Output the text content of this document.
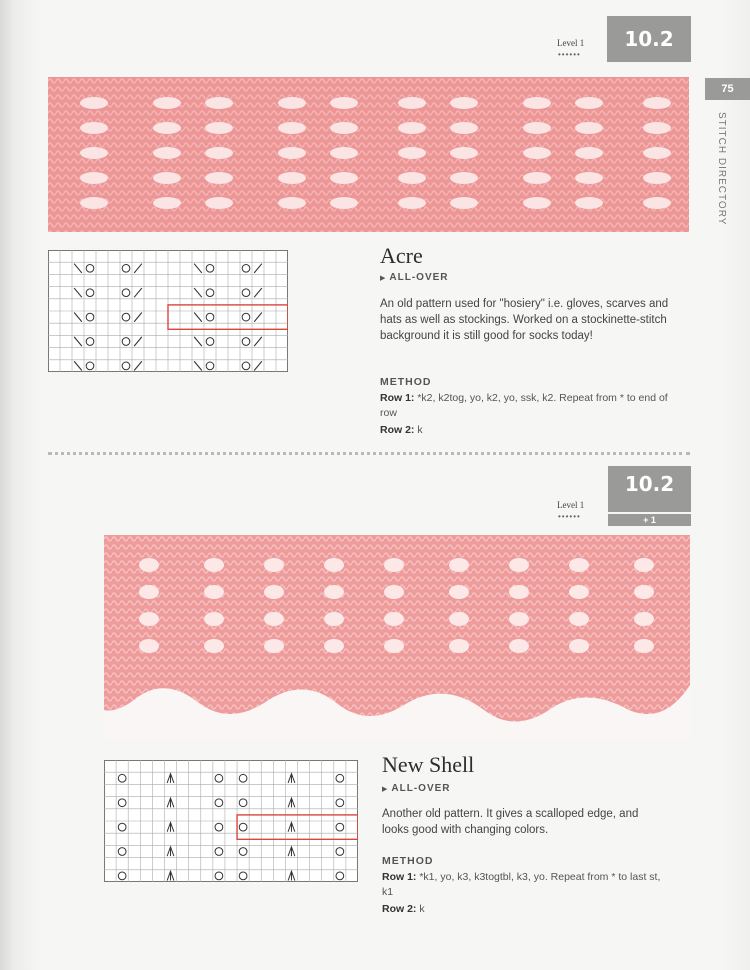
Level 1
••••••
10.2
75
STITCH DIRECTORY
Acre
▶ ALL-OVER
An old pattern used for "hosiery" i.e. gloves, scarves and hats as well as stockings. Worked on a stockinette-stitch background it is still good for socks today!
METHOD
Row 1: *k2, k2tog, yo, k2, yo, ssk, k2. Repeat from * to end of row
Row 2: k
10.2
+ 1
Level 1
••••••
New Shell
▶ ALL-OVER
Another old pattern. It gives a scalloped edge, and looks good with changing colors.
METHOD
Row 1: *k1, yo, k3, k3togtbl, k3, yo. Repeat from * to last st, k1
Row 2: k
